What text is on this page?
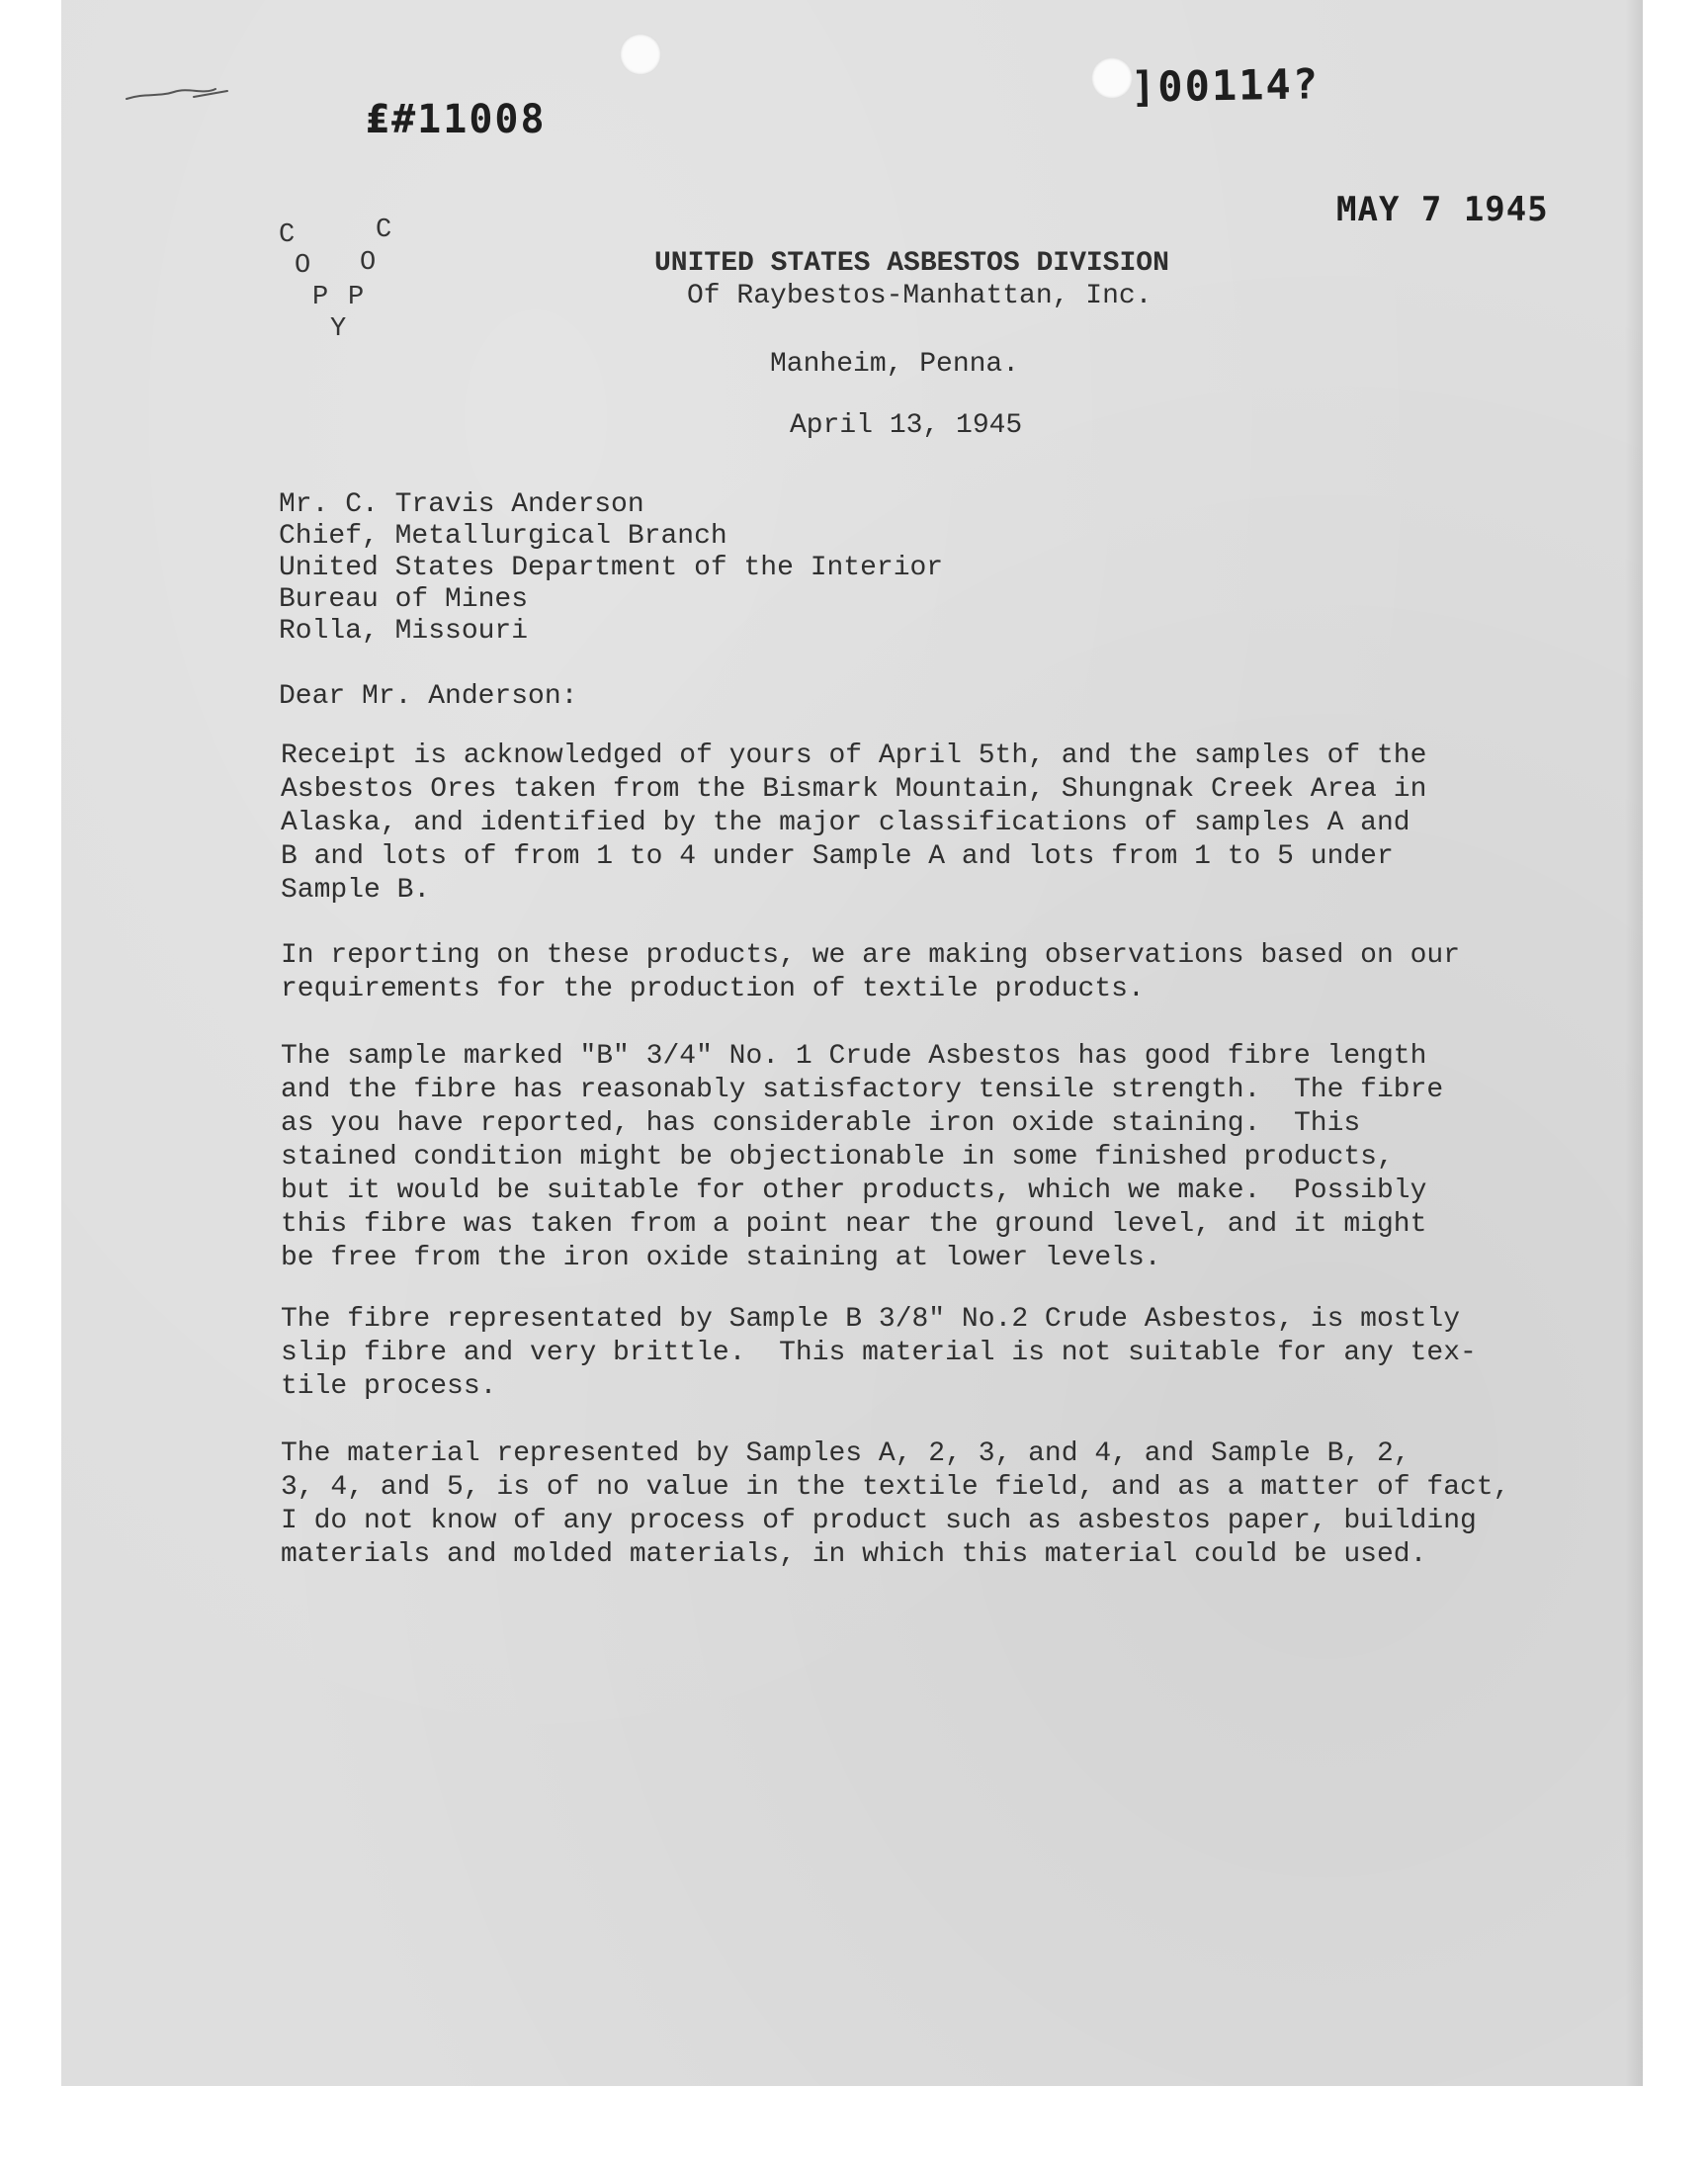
₤#11008
]00114?
MAY 7 1945
C
O
P
Y
P
O
C
UNITED STATES ASBESTOS DIVISION
Of Raybestos-Manhattan, Inc.
Manheim, Penna.
April 13, 1945
Mr. C. Travis Anderson
Chief, Metallurgical Branch
United States Department of the Interior
Bureau of Mines
Rolla, Missouri
Dear Mr. Anderson:
Receipt is acknowledged of yours of April 5th, and the samples of the
Asbestos Ores taken from the Bismark Mountain, Shungnak Creek Area in
Alaska, and identified by the major classifications of samples A and
B and lots of from 1 to 4 under Sample A and lots from 1 to 5 under
Sample B.
In reporting on these products, we are making observations based on our
requirements for the production of textile products.
The sample marked "B" 3/4" No. 1 Crude Asbestos has good fibre length
and the fibre has reasonably satisfactory tensile strength.  The fibre
as you have reported, has considerable iron oxide staining.  This
stained condition might be objectionable in some finished products,
but it would be suitable for other products, which we make.  Possibly
this fibre was taken from a point near the ground level, and it might
be free from the iron oxide staining at lower levels.
The fibre representated by Sample B 3/8" No.2 Crude Asbestos, is mostly
slip fibre and very brittle.  This material is not suitable for any tex-
tile process.
The material represented by Samples A, 2, 3, and 4, and Sample B, 2,
3, 4, and 5, is of no value in the textile field, and as a matter of fact,
I do not know of any process of product such as asbestos paper, building
materials and molded materials, in which this material could be used.
